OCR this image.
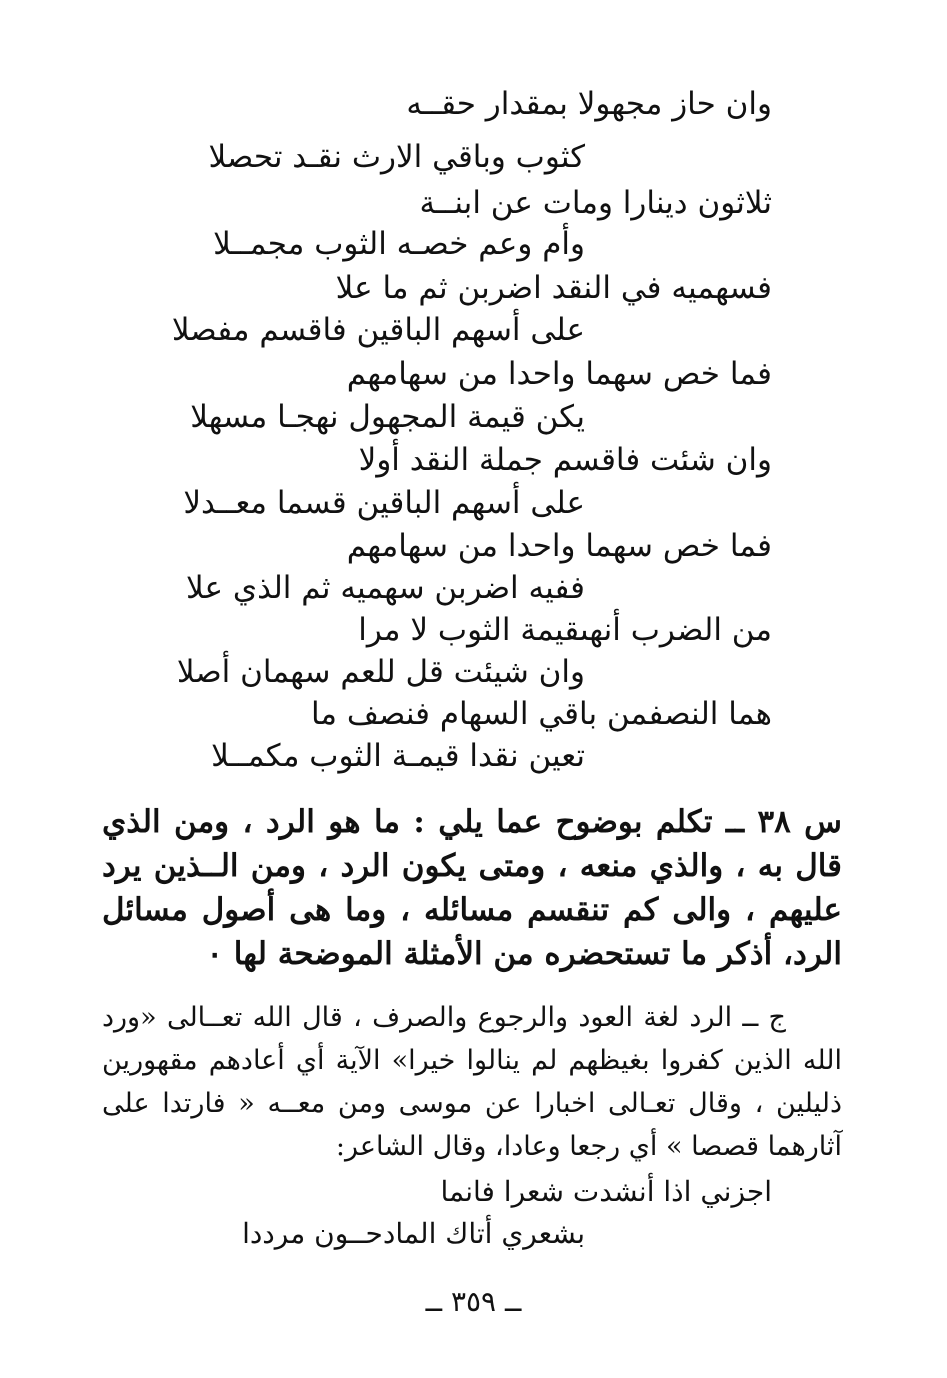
وان حاز مجهولا بمقدار حقــه
كثوب وباقي الارث نقـد تحصلا
ثلاثون دينارا ومات عن ابنــة
وأم وعم خصـه الثوب مجمــلا
فسهميه في النقد اضربن ثم ما علا
على أسهم الباقين فاقسم مفصلا
فما خص سهما واحدا من سهامهم
يكن قيمة المجهول نهجـا مسهلا
وان شئت فاقسم جملة النقد أولا
على أسهم الباقين قسما معــدلا
فما خص سهما واحدا من سهامهم
ففيه اضربن سهميه ثم الذي علا
من الضرب أنهىقيمة الثوب لا مرا
وان شيئت قل للعم سهمان أصلا
هما النصفمن باقي السهام فنصف ما
تعين نقدا قيمـة الثوب مكمــلا
س ٣٨ ــ تكلم بوضوح عما يلي : ما هو الرد ، ومن الذي قال به ، والذي منعه ، ومتى يكون الرد ، ومن الــذين يرد عليهم ، والى كم تنقسم مسائله ، وما هى أصول مسائل الرد، أذكر ما تستحضره من الأمثلة الموضحة لها ٠

ج ــ الرد لغة العود والرجوع والصرف ، قال الله تعــالى «ورد الله الذين كفروا بغيظهم لم ينالوا خيرا» الآية أي أعادهم مقهورين ذليلين ، وقال تعـالى اخبارا عن موسى ومن معــه « فارتدا على آثارهما قصصا » أي رجعا وعادا، وقال الشاعر:

اجزني اذا أنشدت شعرا فانما
بشعري أتاك المادحــون مرددا
ــ ٣٥٩ ــ
